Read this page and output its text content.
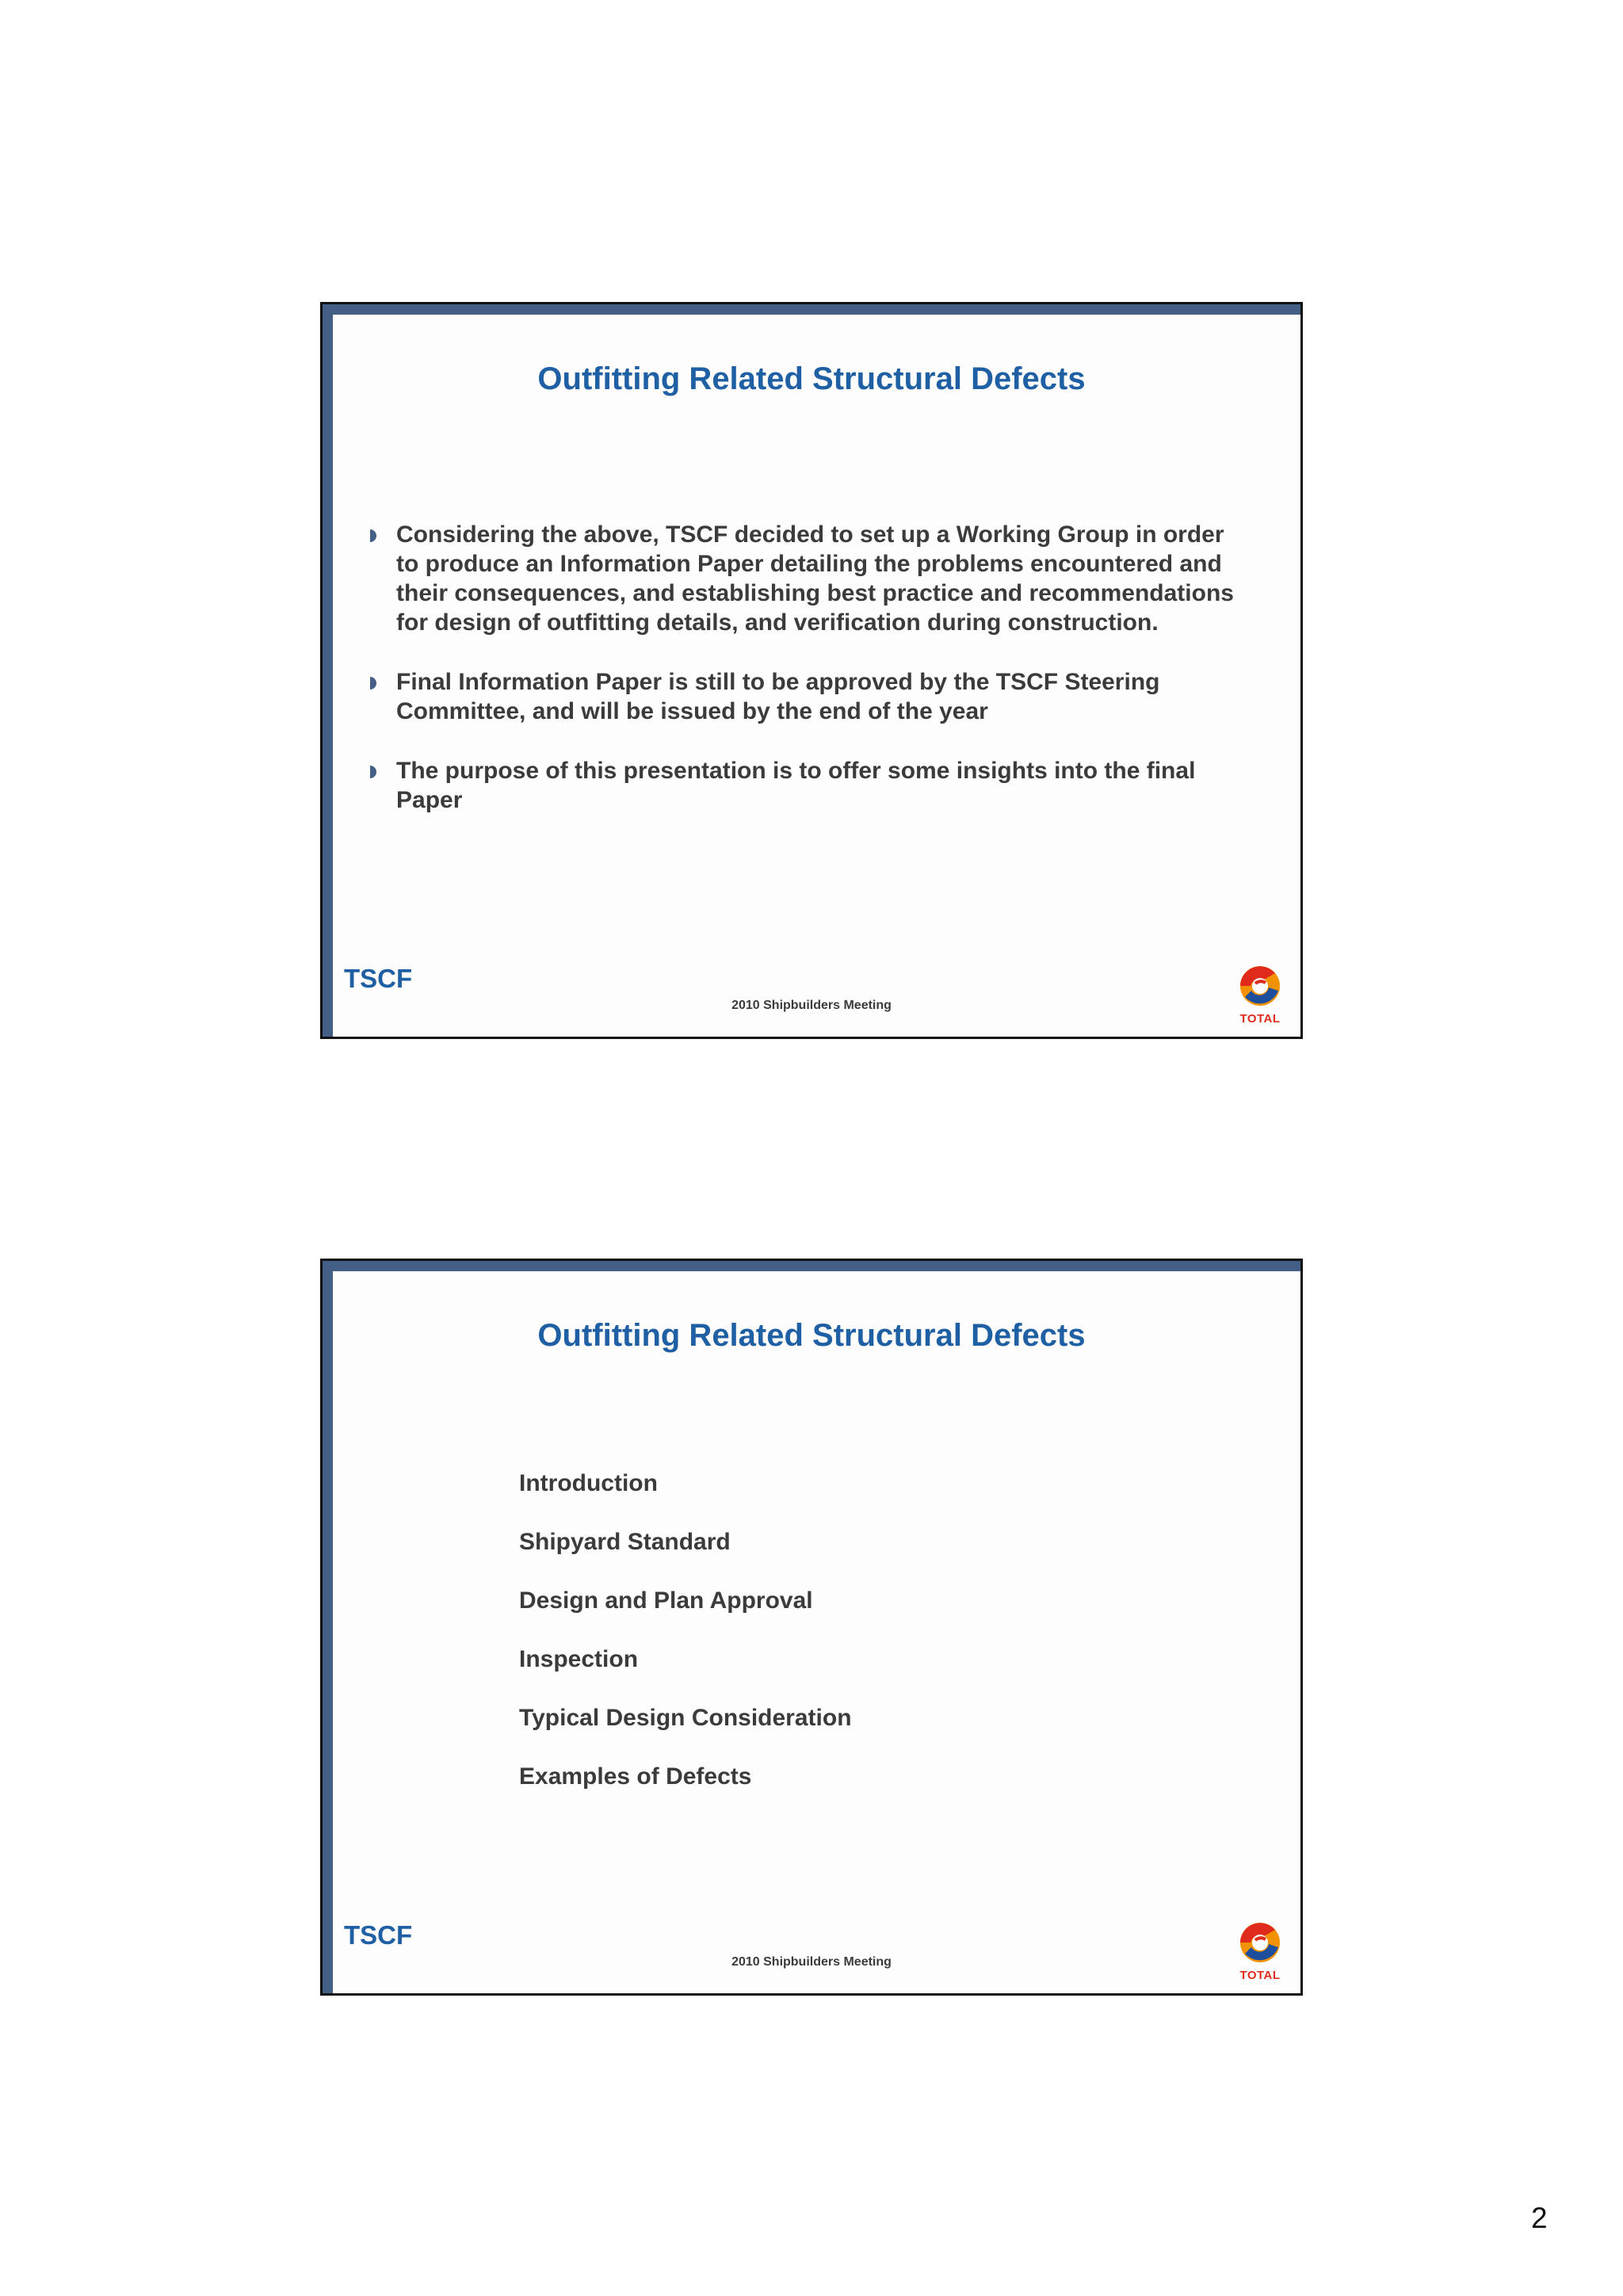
Outfitting Related Structural Defects
Considering the above, TSCF decided to set up a Working Group in order to produce an Information Paper detailing the problems encountered and their consequences, and establishing best practice and recommendations for design of outfitting details, and verification during construction.
Final Information Paper is still to be approved by the TSCF Steering Committee, and will be issued by the end of the year
The purpose of this presentation is to offer some insights into the final Paper
TSCF
2010 Shipbuilders Meeting
TOTAL
Outfitting Related Structural Defects
Introduction
Shipyard Standard
Design and Plan Approval
Inspection
Typical Design Consideration
Examples of Defects
TSCF
2010 Shipbuilders Meeting
TOTAL
2
